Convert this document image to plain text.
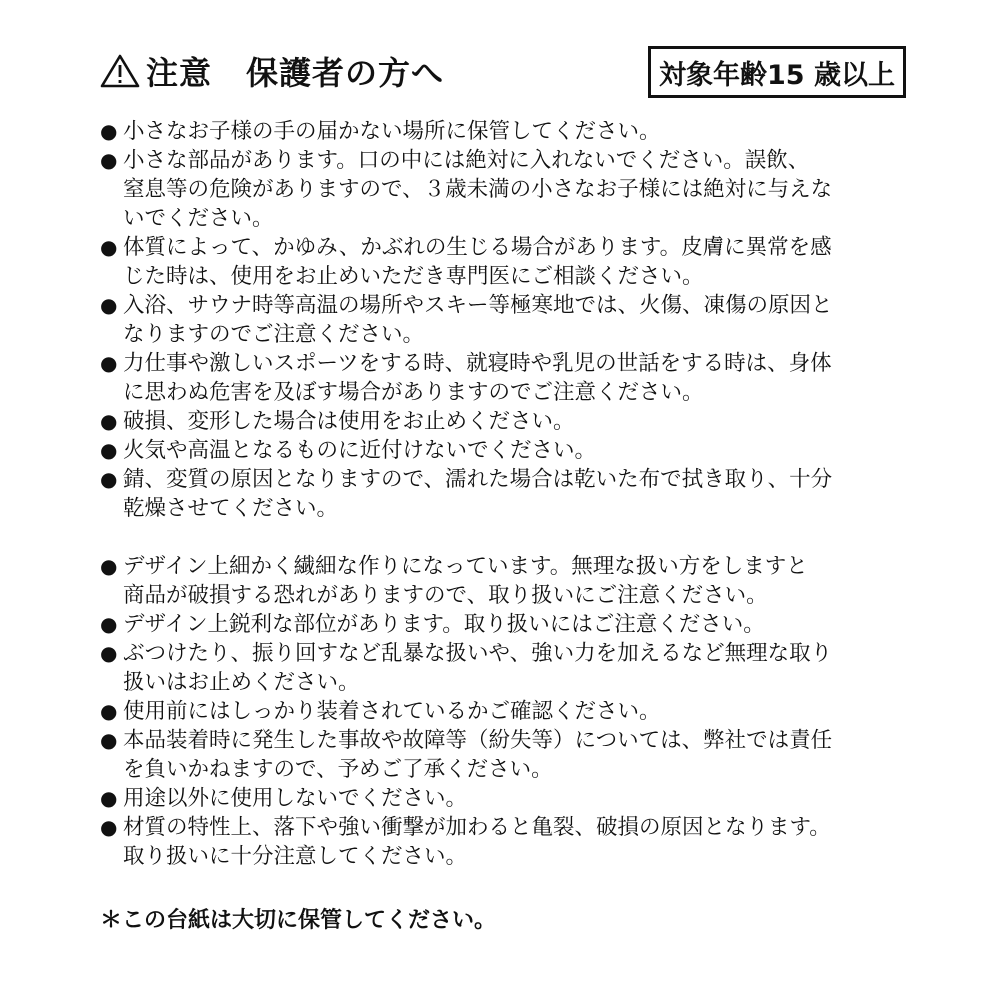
注意 保護者の方へ	対象年齢15 歳以上
● 小さなお子様の手の届かない場所に保管してください。
● 小さな部品があります。口の中には絶対に入れないでください。誤飲、
窒息等の危険がありますので、３歳未満の小さなお子様には絶対に与えな
いでください。
● 体質によって、かゆみ、かぶれの生じる場合があります。皮膚に異常を感
じた時は、使用をお止めいただき専門医にご相談ください。
● 入浴、サウナ時等高温の場所やスキー等極寒地では、火傷、凍傷の原因と
なりますのでご注意ください。
● 力仕事や激しいスポーツをする時、就寝時や乳児の世話をする時は、身体
に思わぬ危害を及ぼす場合がありますのでご注意ください。
● 破損、変形した場合は使用をお止めください。
● 火気や高温となるものに近付けないでください。
● 錆、変質の原因となりますので、濡れた場合は乾いた布で拭き取り、十分
乾燥させてください。
● デザイン上細かく繊細な作りになっています。無理な扱い方をしますと
商品が破損する恐れがありますので、取り扱いにご注意ください。
● デザイン上鋭利な部位があります。取り扱いにはご注意ください。
● ぶつけたり、振り回すなど乱暴な扱いや、強い力を加えるなど無理な取り
扱いはお止めください。
● 使用前にはしっかり装着されているかご確認ください。
● 本品装着時に発生した事故や故障等（紛失等）については、弊社では責任
を負いかねますので、予めご了承ください。
● 用途以外に使用しないでください。
● 材質の特性上、落下や強い衝撃が加わると亀裂、破損の原因となります。
取り扱いに十分注意してください。
＊この台紙は大切に保管してください。
